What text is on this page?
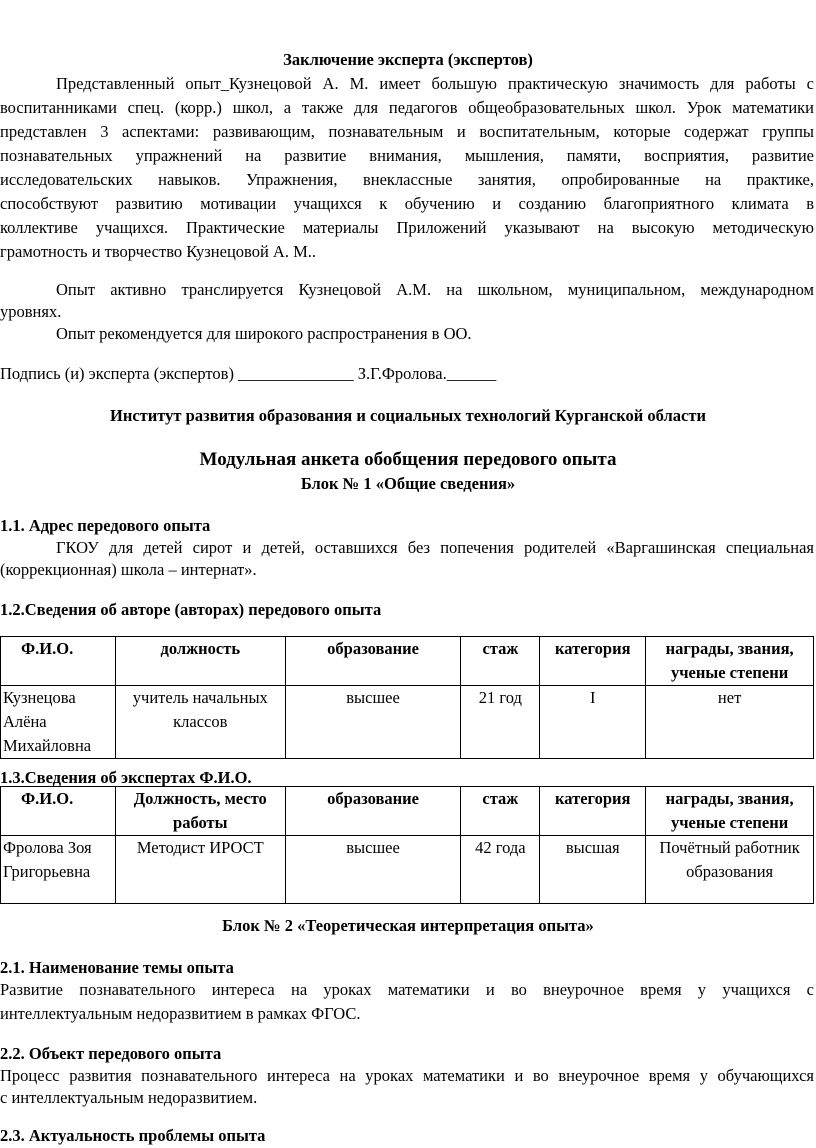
Заключение эксперта (экспертов)
Представленный опыт_Кузнецовой А. М. имеет большую практическую значимость для работы с
воспитанниками спец. (корр.) школ, а также для педагогов общеобразовательных школ. Урок математики
представлен 3 аспектами: развивающим, познавательным и воспитательным, которые содержат группы
познавательных упражнений на развитие внимания, мышления, памяти, восприятия, развитие
исследовательских навыков. Упражнения, внеклассные занятия, опробированные на практике,
способствуют развитию мотивации учащихся к обучению и созданию благоприятного климата в
коллективе учащихся. Практические материалы Приложений указывают на высокую методическую
грамотность и творчество Кузнецовой А. М..
Опыт активно транслируется Кузнецовой А.М. на школьном, муниципальном, международном
уровнях.
Опыт рекомендуется для широкого распространения в ОО.
Подпись (и) эксперта (экспертов) ______________ З.Г.Фролова.______
Институт развития образования и социальных технологий Курганской области
Модульная анкета обобщения передового опыта
Блок № 1 «Общие сведения»
1.1. Адрес передового опыта
ГКОУ для детей сирот и детей, оставшихся без попечения родителей «Варгашинская специальная
(коррекционная) школа – интернат».
1.2.Сведения об авторе (авторах) передового опыта
Ф.И.О.	должность	образование	стаж	категория	награды, звания, ученые степени
Кузнецова Алёна Михайловна	учитель начальных классов	высшее	21 год	I	нет
1.3.Сведения об экспертах Ф.И.О.
Ф.И.О.	Должность, место работы	образование	стаж	категория	награды, звания, ученые степени
Фролова Зоя Григорьевна	Методист ИРОСТ	высшее	42 года	высшая	Почётный работник образования
Блок № 2 «Теоретическая интерпретация опыта»
2.1. Наименование темы опыта
Развитие познавательного интереса на уроках математики и во внеурочное время у учащихся с
интеллектуальным недоразвитием в рамках ФГОС.
2.2. Объект передового опыта
Процесс развития познавательного интереса на уроках математики и во внеурочное время у обучающихся
с интеллектуальным недоразвитием.
2.3. Актуальность проблемы опыта
